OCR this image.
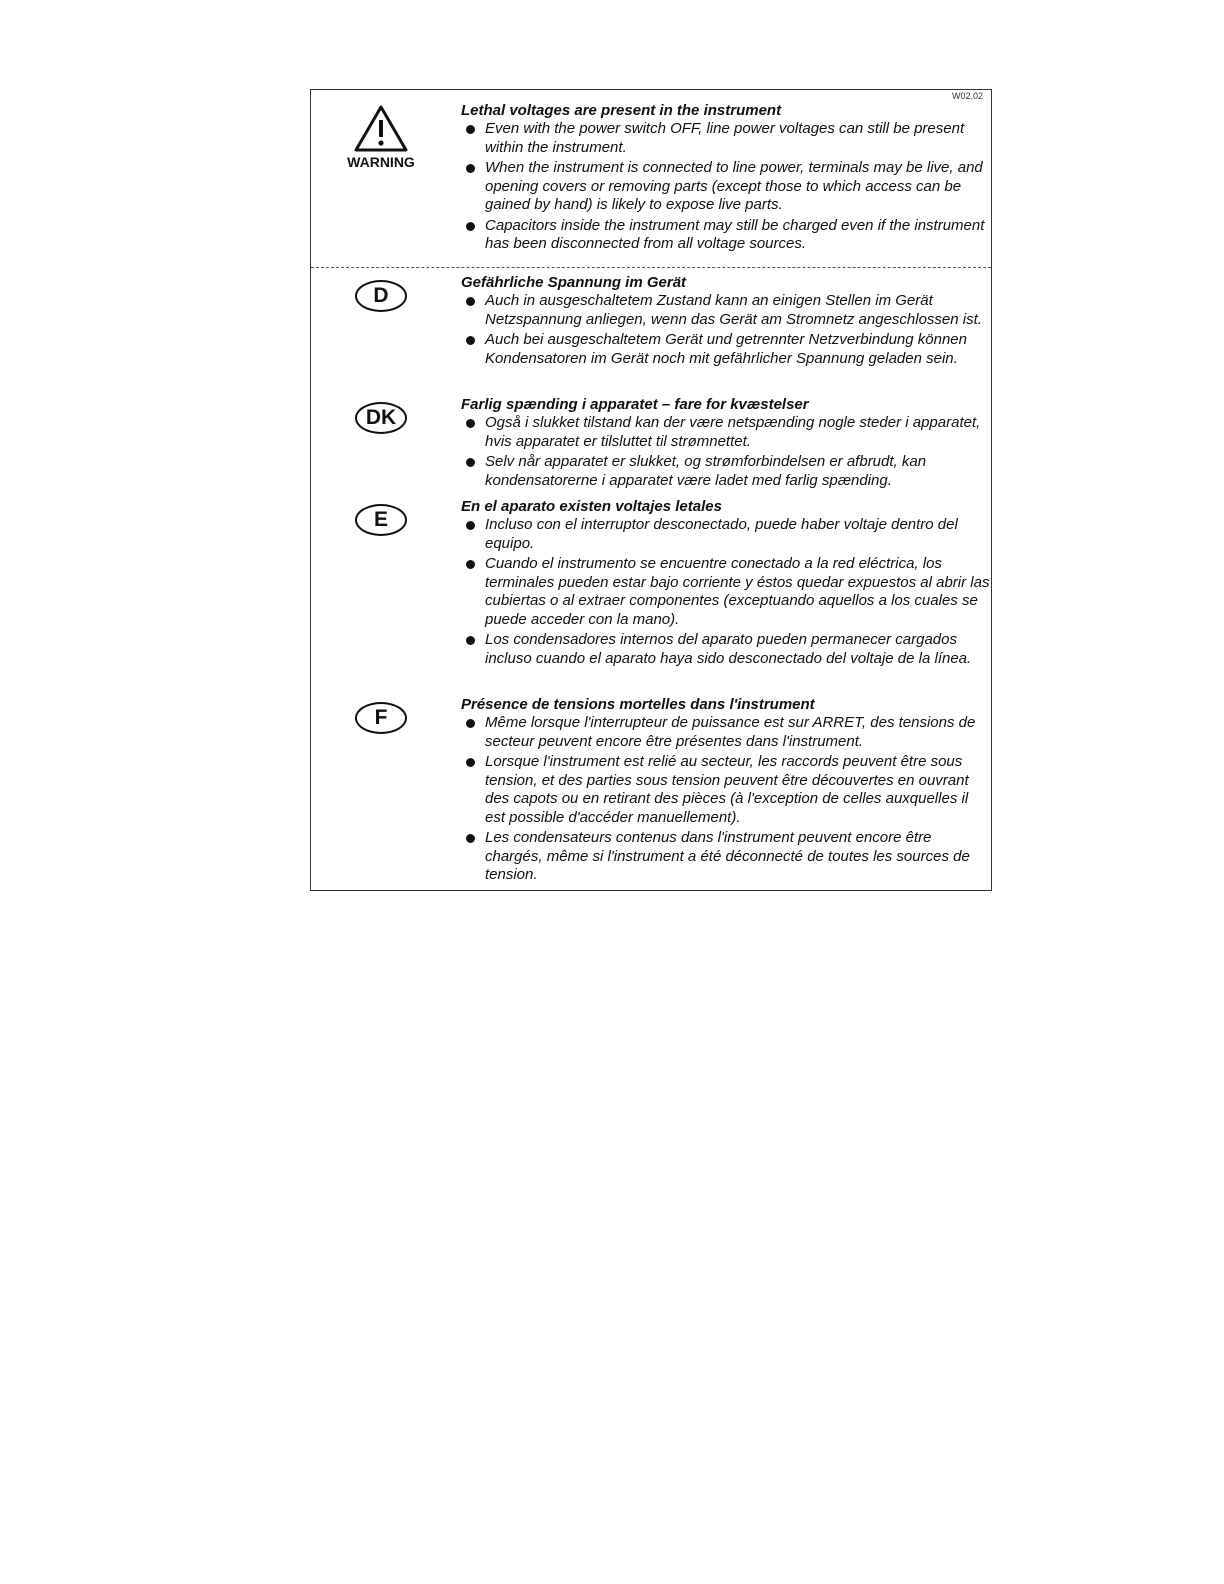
W02.02
WARNING

Lethal voltages are present in the instrument

Even with the power switch OFF, line power voltages can still be present within the instrument.
When the instrument is connected to line power, terminals may be live, and opening covers or removing parts (except those to which access can be gained by hand) is likely to expose live parts.
Capacitors inside the instrument may still be charged even if the instrument has been disconnected from all voltage sources.
D

Gefährliche Spannung im Gerät

Auch in ausgeschaltetem Zustand kann an einigen Stellen im Gerät Netzspannung anliegen, wenn das Gerät am Stromnetz angeschlossen ist.
Auch bei ausgeschaltetem Gerät und getrennter Netzverbindung können Kondensatoren im Gerät noch mit gefährlicher Spannung geladen sein.
DK

Farlig spænding i apparatet – fare for kvæstelser

Også i slukket tilstand kan der være netspænding nogle steder i apparatet, hvis apparatet er tilsluttet til strømnettet.
Selv når apparatet er slukket, og strømforbindelsen er afbrudt, kan kondensatorerne i apparatet være ladet med farlig spænding.
E

En el aparato existen voltajes letales

Incluso con el interruptor desconectado, puede haber voltaje dentro del equipo.
Cuando el instrumento se encuentre conectado a la red eléctrica, los terminales pueden estar bajo corriente y éstos quedar expuestos al abrir las cubiertas o al extraer componentes (exceptuando aquellos a los cuales se puede acceder con la mano).
Los condensadores internos del aparato pueden permanecer cargados incluso cuando el aparato haya sido desconectado del voltaje de la línea.
F

Présence de tensions mortelles dans l'instrument

Même lorsque l'interrupteur de puissance est sur ARRET, des tensions de secteur peuvent encore être présentes dans l'instrument.
Lorsque l'instrument est relié au secteur, les raccords peuvent être sous tension, et des parties sous tension peuvent être découvertes en ouvrant des capots ou en retirant des pièces (à l'exception de celles auxquelles il est possible d'accéder manuellement).
Les condensateurs contenus dans l'instrument peuvent encore être chargés, même si l'instrument a été déconnecté de toutes les sources de tension.
